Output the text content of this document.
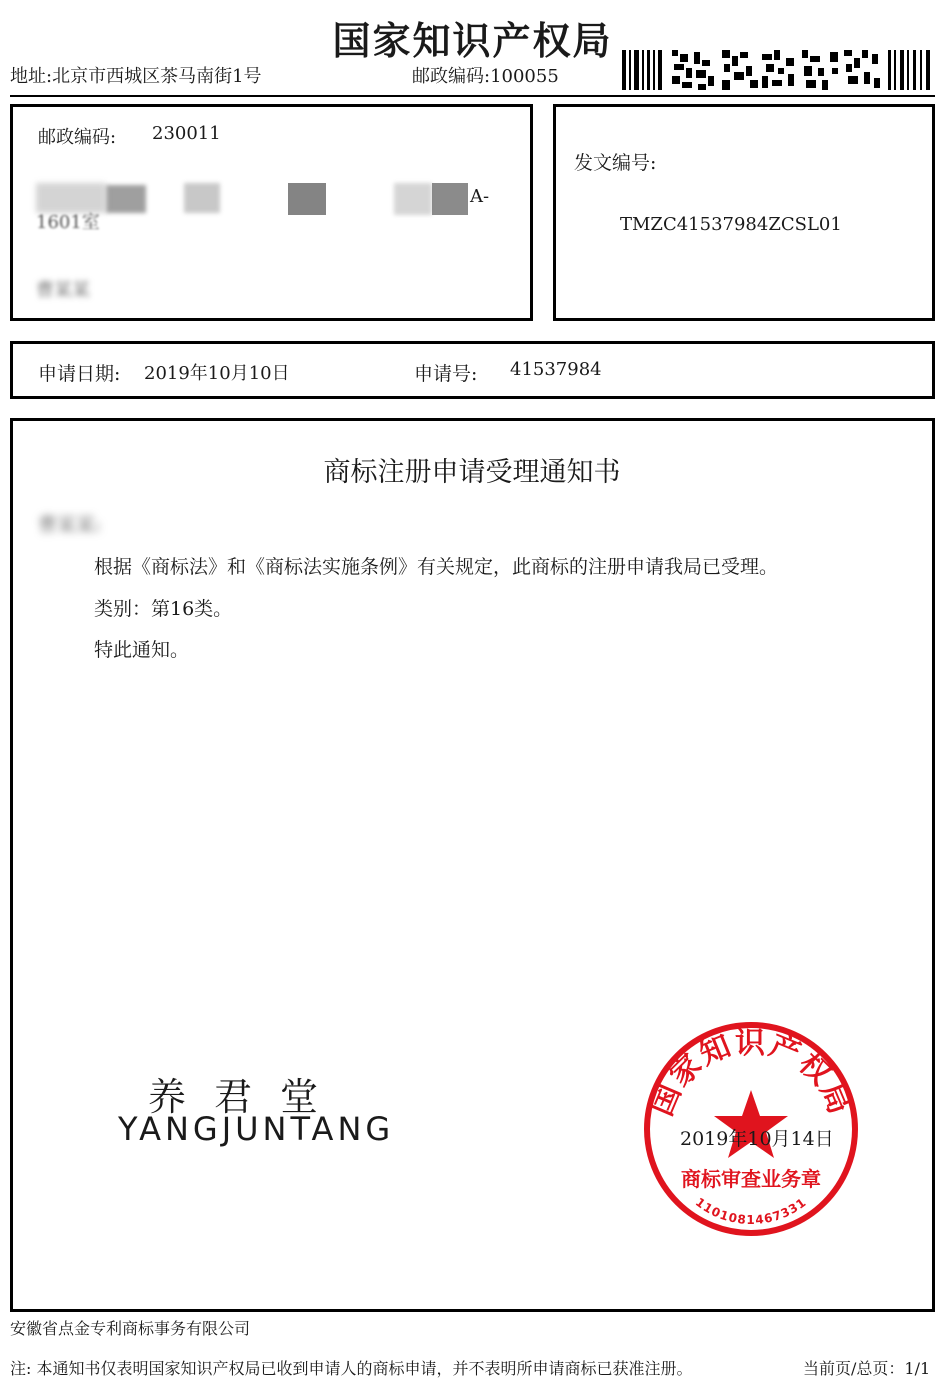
国家知识产权局
地址:北京市西城区茶马南街1号	邮政编码:100055
邮政编码: 230011
A-
1601室
曹某某
发文编号:
TMZC41537984ZCSL01
申请日期: 2019年10月10日	申请号: 41537984
商标注册申请受理通知书
曹某某:
根据《商标法》和《商标法实施条例》有关规定，此商标的注册申请我局已受理。
类别：第16类。
特此通知。
养君堂
YANGJUNTANG
国家知识产权局
商标审查业务章
1101081467331
2019年10月14日
安徽省点金专利商标事务有限公司
注: 本通知书仅表明国家知识产权局已收到申请人的商标申请，并不表明所申请商标已获准注册。	当前页/总页：1/1
